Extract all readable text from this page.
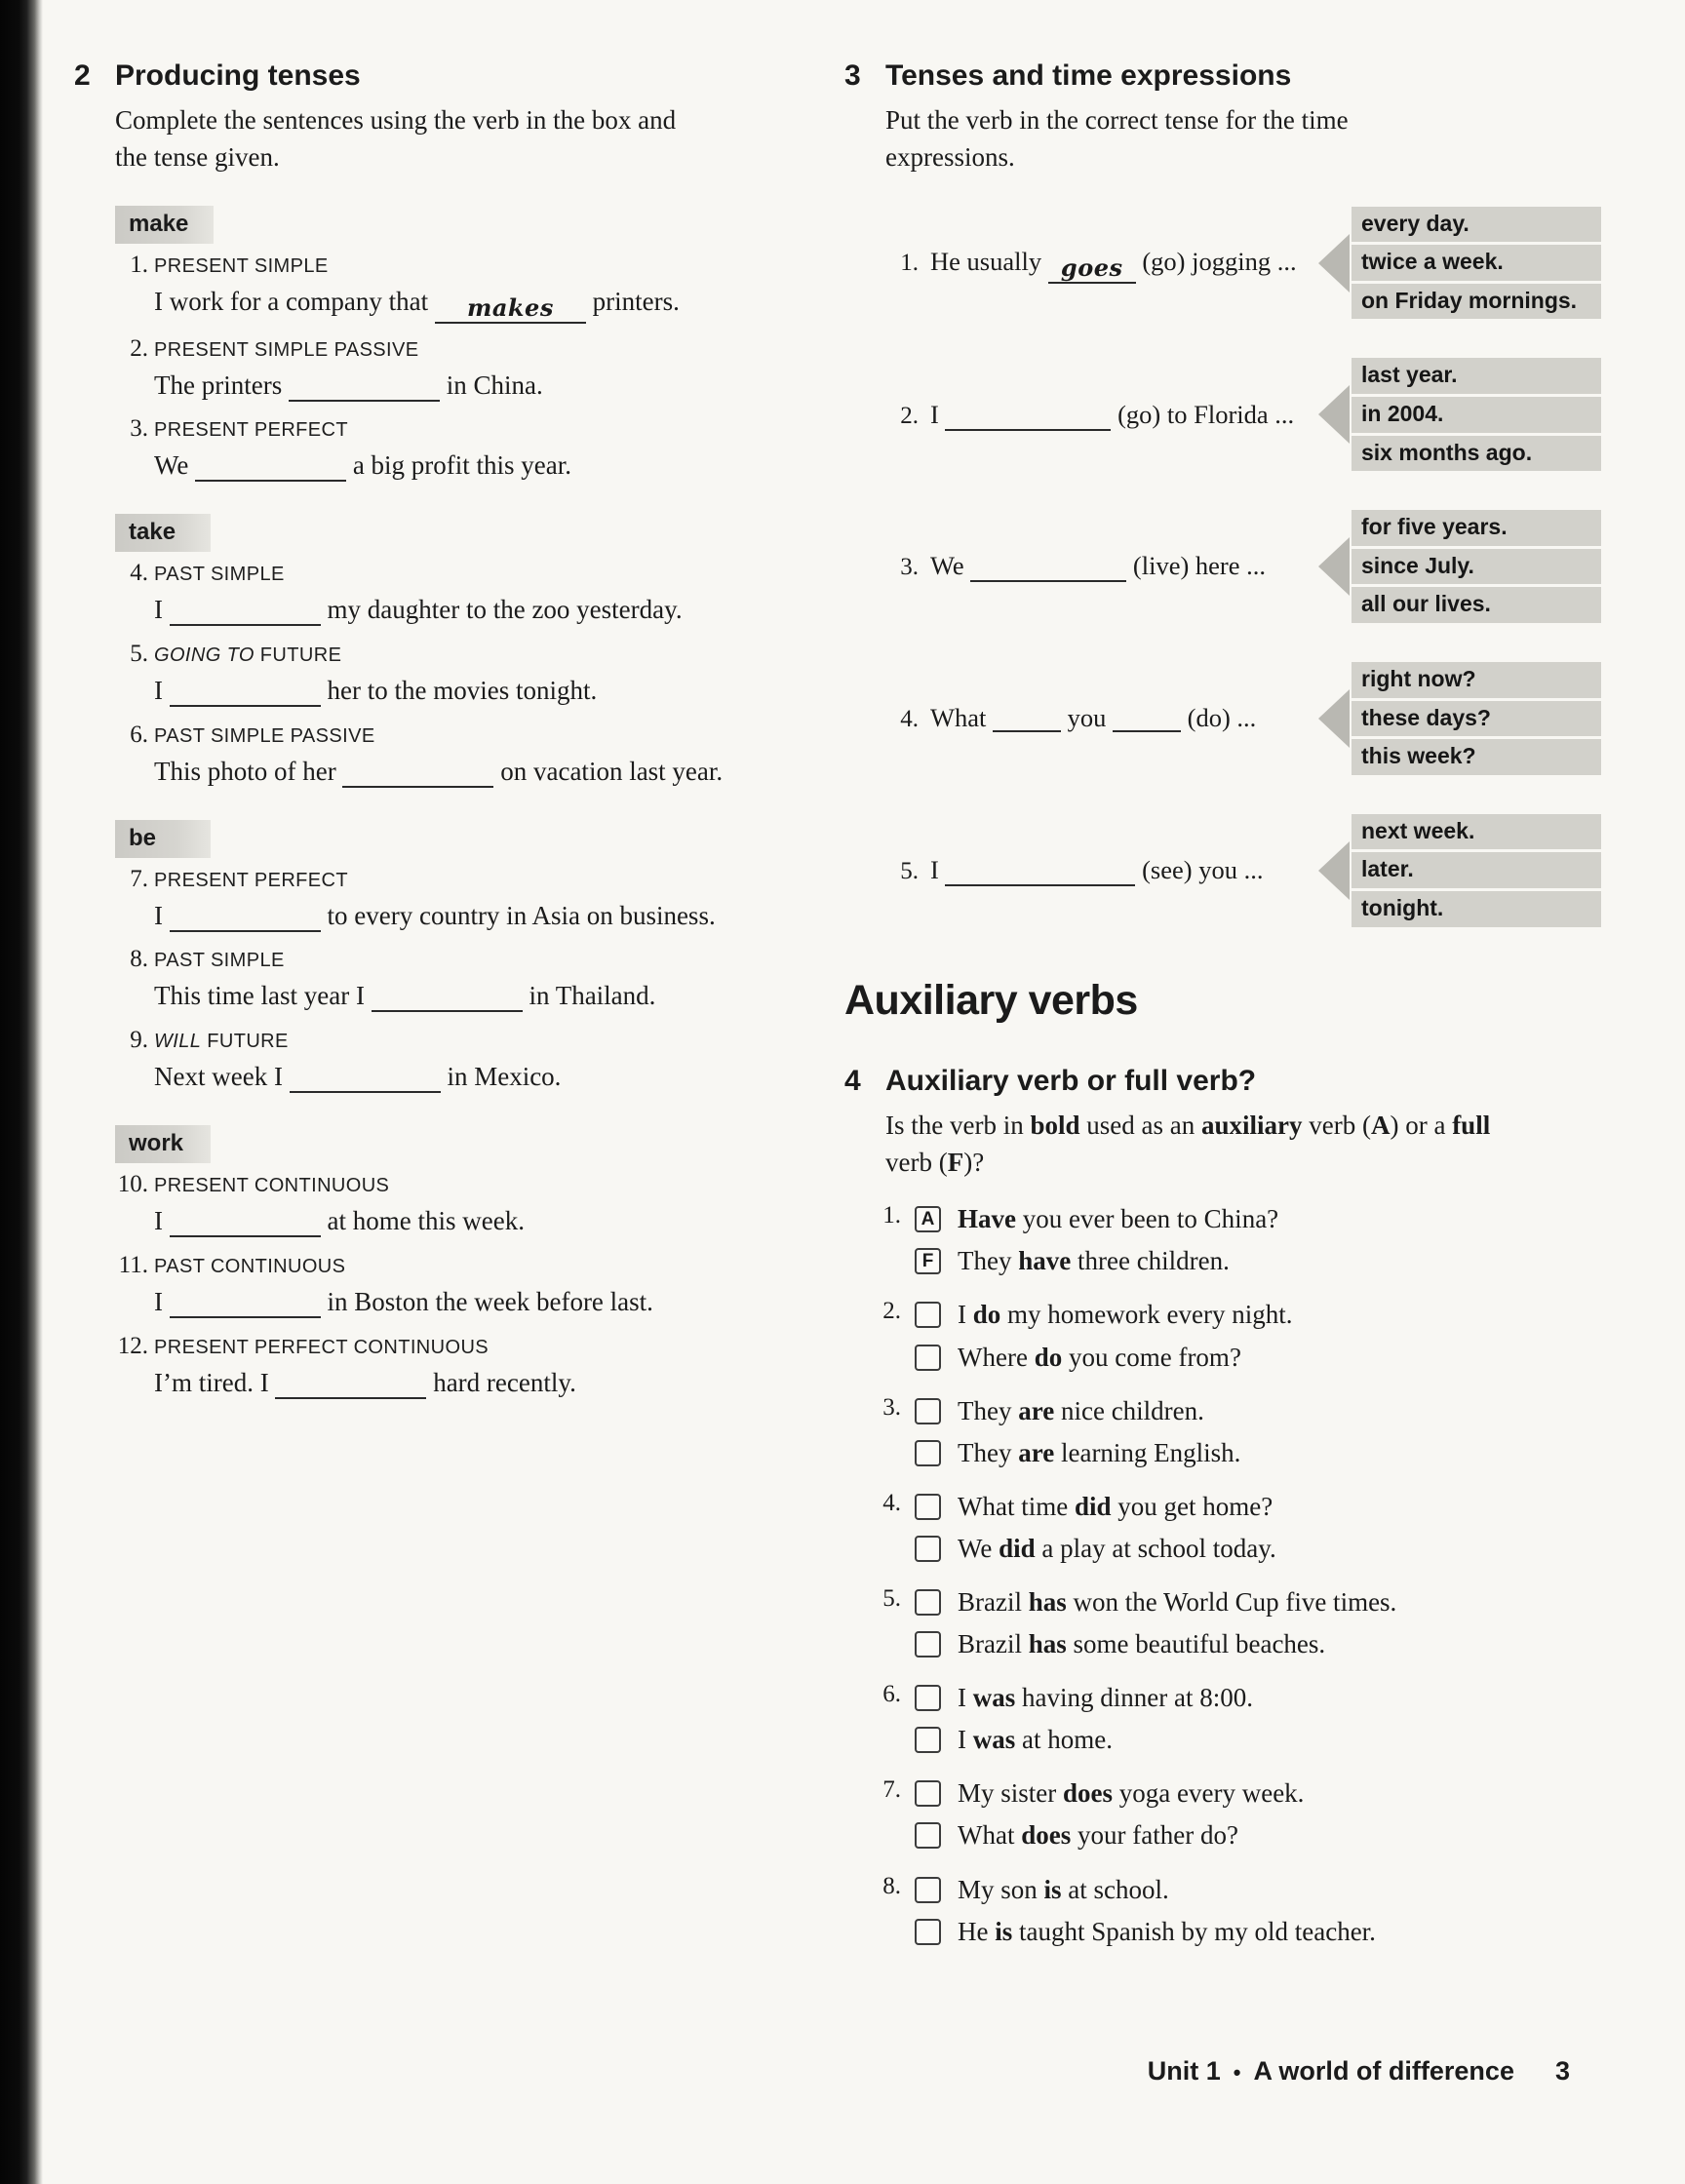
2 Producing tenses

Complete the sentences using the verb in the box and the tense given.

make
1. PRESENT SIMPLE
I work for a company that makes printers.
2. PRESENT SIMPLE PASSIVE
The printers	in China.
3. PRESENT PERFECT
We	a big profit this year.
take
4. PAST SIMPLE
I	my daughter to the zoo yesterday.
5. GOING TO FUTURE
I	her to the movies tonight.
6. PAST SIMPLE PASSIVE
This photo of her	on vacation last year.
be
7. PRESENT PERFECT
I	to every country in Asia on business.
8. PAST SIMPLE
This time last year I	in Thailand.
9. WILL FUTURE
Next week I	in Mexico.
work
10. PRESENT CONTINUOUS
I	at home this week.
11. PAST CONTINUOUS
I	in Boston the week before last.
12. PRESENT PERFECT CONTINUOUS
I’m tired. I	hard recently.
3 Tenses and time expressions

Put the verb in the correct tense for the time expressions.

1. He usually goes (go) jogging ...
every day.
twice a week.
on Friday mornings.
2. I	(go) to Florida ...
last year.
in 2004.
six months ago.
3. We	(live) here ...
for five years.
since July.
all our lives.
4. What	you	(do) ...
right now?
these days?
this week?
5. I	(see) you ...
next week.
later.
tonight.
Auxiliary verbs
4 Auxiliary verb or full verb?

Is the verb in bold used as an auxiliary verb (A) or a full verb (F)?

1. A Have you ever been to China?
F They have three children.
2. I do my homework every night.
Where do you come from?
3. They are nice children.
They are learning English.
4. What time did you get home?
We did a play at school today.
5. Brazil has won the World Cup five times.
Brazil has some beautiful beaches.
6. I was having dinner at 8:00.
I was at home.
7. My sister does yoga every week.
What does your father do?
8. My son is at school.
He is taught Spanish by my old teacher.
Unit 1 • A world of difference 3
